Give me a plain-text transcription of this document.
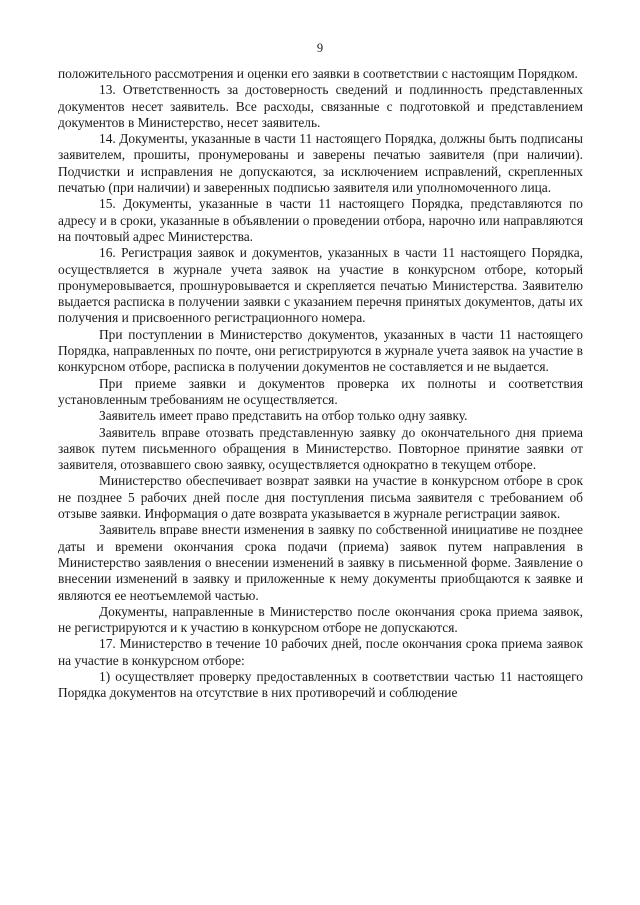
9

положительного рассмотрения и оценки его заявки в соответствии с настоящим Порядком.

13. Ответственность за достоверность сведений и подлинность представленных документов несет заявитель. Все расходы, связанные с подготовкой и представлением документов в Министерство, несет заявитель.

14. Документы, указанные в части 11 настоящего Порядка, должны быть подписаны заявителем, прошиты, пронумерованы и заверены печатью заявителя (при наличии). Подчистки и исправления не допускаются, за исключением исправлений, скрепленных печатью (при наличии) и заверенных подписью заявителя или уполномоченного лица.

15. Документы, указанные в части 11 настоящего Порядка, представляются по адресу и в сроки, указанные в объявлении о проведении отбора, нарочно или направляются на почтовый адрес Министерства.

16. Регистрация заявок и документов, указанных в части 11 настоящего Порядка, осуществляется в журнале учета заявок на участие в конкурсном отборе, который пронумеровывается, прошнуровывается и скрепляется печатью Министерства. Заявителю выдается расписка в получении заявки с указанием перечня принятых документов, даты их получения и присвоенного регистрационного номера.

При поступлении в Министерство документов, указанных в части 11 настоящего Порядка, направленных по почте, они регистрируются в журнале учета заявок на участие в конкурсном отборе, расписка в получении документов не составляется и не выдается.

При приеме заявки и документов проверка их полноты и соответствия установленным требованиям не осуществляется.

Заявитель имеет право представить на отбор только одну заявку.

Заявитель вправе отозвать представленную заявку до окончательного дня приема заявок путем письменного обращения в Министерство. Повторное принятие заявки от заявителя, отозвавшего свою заявку, осуществляется однократно в текущем отборе.

Министерство обеспечивает возврат заявки на участие в конкурсном отборе в срок не позднее 5 рабочих дней после дня поступления письма заявителя с требованием об отзыве заявки. Информация о дате возврата указывается в журнале регистрации заявок.

Заявитель вправе внести изменения в заявку по собственной инициативе не позднее даты и времени окончания срока подачи (приема) заявок путем направления в Министерство заявления о внесении изменений в заявку в письменной форме. Заявление о внесении изменений в заявку и приложенные к нему документы приобщаются к заявке и являются ее неотъемлемой частью.

Документы, направленные в Министерство после окончания срока приема заявок, не регистрируются и к участию в конкурсном отборе не допускаются.

17. Министерство в течение 10 рабочих дней, после окончания срока приема заявок на участие в конкурсном отборе:

1) осуществляет проверку предоставленных в соответствии частью 11 настоящего Порядка документов на отсутствие в них противоречий и соблюдение
